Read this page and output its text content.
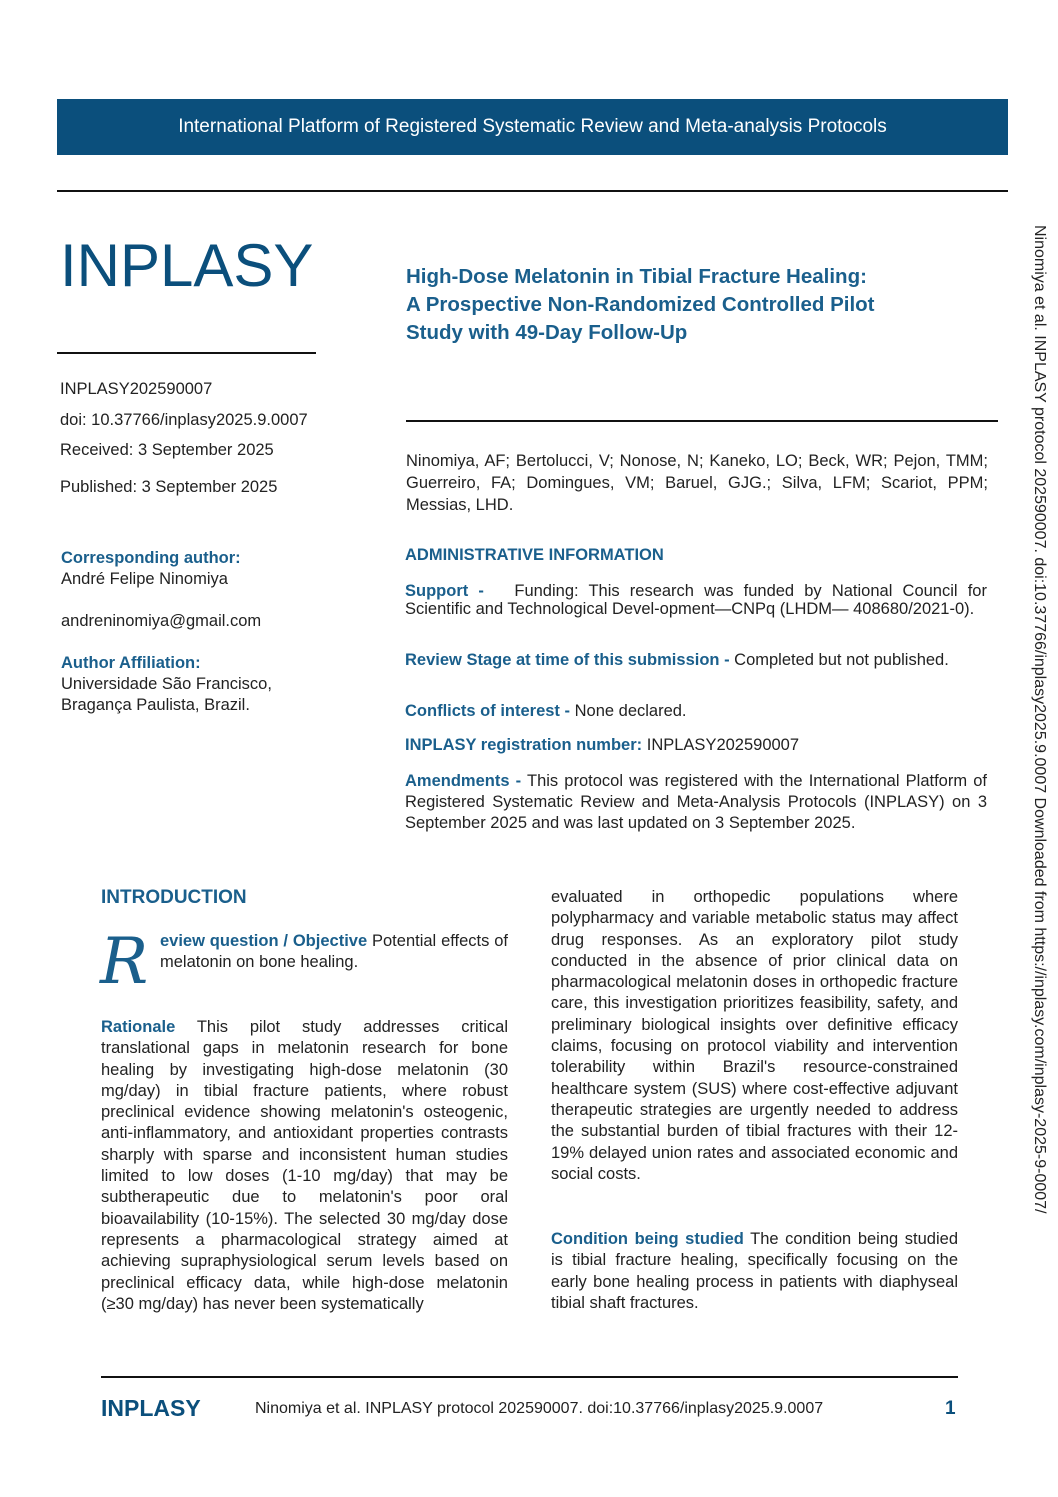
International Platform of Registered Systematic Review and Meta-analysis Protocols
INPLASY	High-Dose Melatonin in Tibial Fracture Healing:
A Prospective Non-Randomized Controlled Pilot
Study with 49-Day Follow-Up
INPLASY202590007
doi: 10.37766/inplasy2025.9.0007
Received: 3 September 2025
Published: 3 September 2025
Ninomiya, AF; Bertolucci, V; Nonose, N; Kaneko, LO; Beck, WR; Pejon, TMM; Guerreiro, FA; Domingues, VM; Baruel, GJG.; Silva, LFM; Scariot, PPM; Messias, LHD.
Corresponding author:
André Felipe Ninomiya
andreninomiya@gmail.com
Author Affiliation:
Universidade São Francisco,
Bragança Paulista, Brazil.
ADMINISTRATIVE INFORMATION
Support - Funding: This research was funded by National Council for Scientific and Technological Devel-opment—CNPq (LHDM— 408680/2021-0).
Review Stage at time of this submission - Completed but not published.
Conflicts of interest - None declared.
INPLASY registration number: INPLASY202590007
Amendments - This protocol was registered with the International Platform of Registered Systematic Review and Meta-Analysis Protocols (INPLASY) on 3 September 2025 and was last updated on 3 September 2025.
INTRODUCTION
R eview question / Objective Potential effects of melatonin on bone healing.
Rationale This pilot study addresses critical translational gaps in melatonin research for bone healing by investigating high-dose melatonin (30 mg/day) in tibial fracture patients, where robust preclinical evidence showing melatonin's osteogenic, anti-inflammatory, and antioxidant properties contrasts sharply with sparse and inconsistent human studies limited to low doses (1-10 mg/day) that may be subtherapeutic due to melatonin's poor oral bioavailability (10-15%). The selected 30 mg/day dose represents a pharmacological strategy aimed at achieving supraphysiological serum levels based on preclinical efficacy data, while high-dose melatonin (≥30 mg/day) has never been systematically
evaluated in orthopedic populations where polypharmacy and variable metabolic status may affect drug responses. As an exploratory pilot study conducted in the absence of prior clinical data on pharmacological melatonin doses in orthopedic fracture care, this investigation prioritizes feasibility, safety, and preliminary biological insights over definitive efficacy claims, focusing on protocol viability and intervention tolerability within Brazil's resource-constrained healthcare system (SUS) where cost-effective adjuvant therapeutic strategies are urgently needed to address the substantial burden of tibial fractures with their 12-19% delayed union rates and associated economic and social costs.
Condition being studied The condition being studied is tibial fracture healing, specifically focusing on the early bone healing process in patients with diaphyseal tibial shaft fractures.
Ninomiya et al. INPLASY protocol 202590007. doi:10.37766/inplasy2025.9.0007 Downloaded from https://inplasy.com/inplasy-2025-9-0007/
INPLASY	Ninomiya et al. INPLASY protocol 202590007. doi:10.37766/inplasy2025.9.0007	1
